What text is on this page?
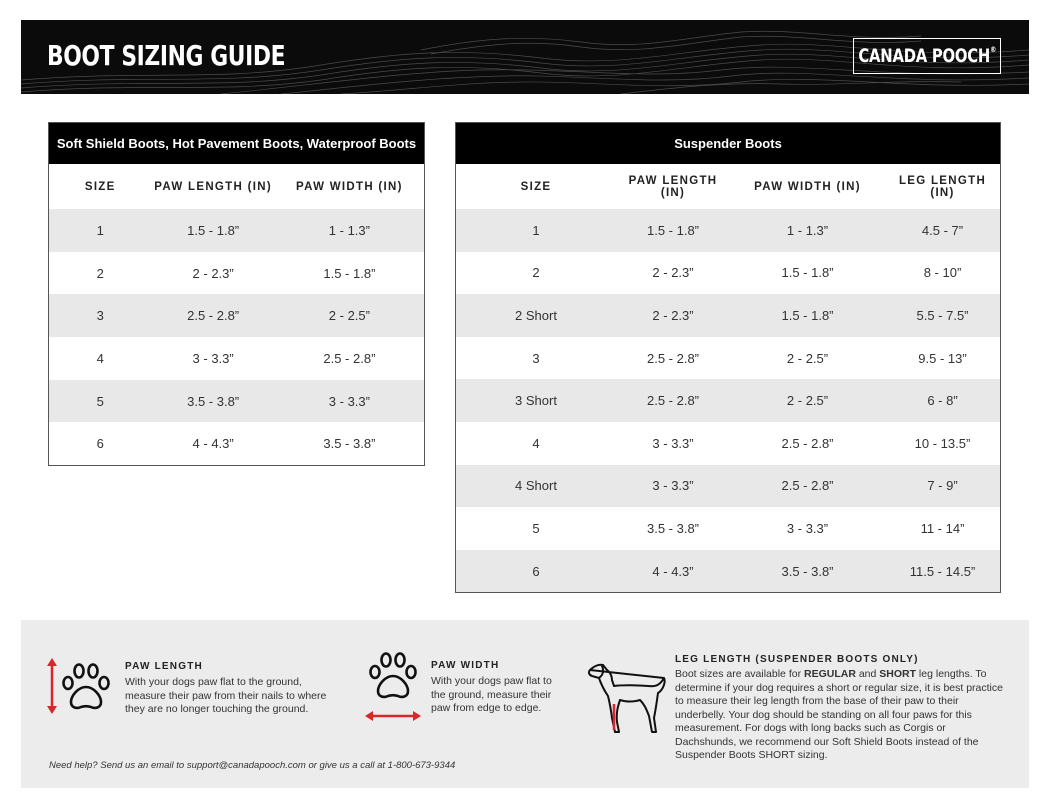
BOOT SIZING GUIDE	CANADA POOCH®
Soft Shield Boots, Hot Pavement Boots, Waterproof Boots
SIZE	PAW LENGTH (IN)	PAW WIDTH (IN)
1	1.5 - 1.8”	1 - 1.3”
2	2 - 2.3”	1.5 - 1.8”
3	2.5 - 2.8”	2 - 2.5”
4	3 - 3.3”	2.5 - 2.8”
5	3.5 - 3.8”	3 - 3.3”
6	4 - 4.3”	3.5 - 3.8”
Suspender Boots
SIZE	PAW LENGTH (IN)	PAW WIDTH (IN)	LEG LENGTH (IN)
1	1.5 - 1.8”	1 - 1.3”	4.5 - 7”
2	2 - 2.3”	1.5 - 1.8”	8 - 10”
2 Short	2 - 2.3”	1.5 - 1.8”	5.5 - 7.5”
3	2.5 - 2.8”	2 - 2.5”	9.5 - 13”
3 Short	2.5 - 2.8”	2 - 2.5”	6 - 8”
4	3 - 3.3”	2.5 - 2.8”	10 - 13.5”
4 Short	3 - 3.3”	2.5 - 2.8”	7 - 9”
5	3.5 - 3.8”	3 - 3.3”	11 - 14”
6	4 - 4.3”	3.5 - 3.8”	11.5 - 14.5”
PAW LENGTH
With your dogs paw flat to the ground, measure their paw from their nails to where they are no longer touching the ground.
PAW WIDTH
With your dogs paw flat to the ground, measure their paw from edge to edge.
LEG LENGTH (SUSPENDER BOOTS ONLY)
Boot sizes are available for REGULAR and SHORT leg lengths. To determine if your dog requires a short or regular size, it is best practice to measure their leg length from the base of their paw to their underbelly. Your dog should be standing on all four paws for this measurement. For dogs with long backs such as Corgis or Dachshunds, we recommend our Soft Shield Boots instead of the Suspender Boots SHORT sizing.
Need help? Send us an email to support@canadapooch.com or give us a call at 1-800-673-9344
